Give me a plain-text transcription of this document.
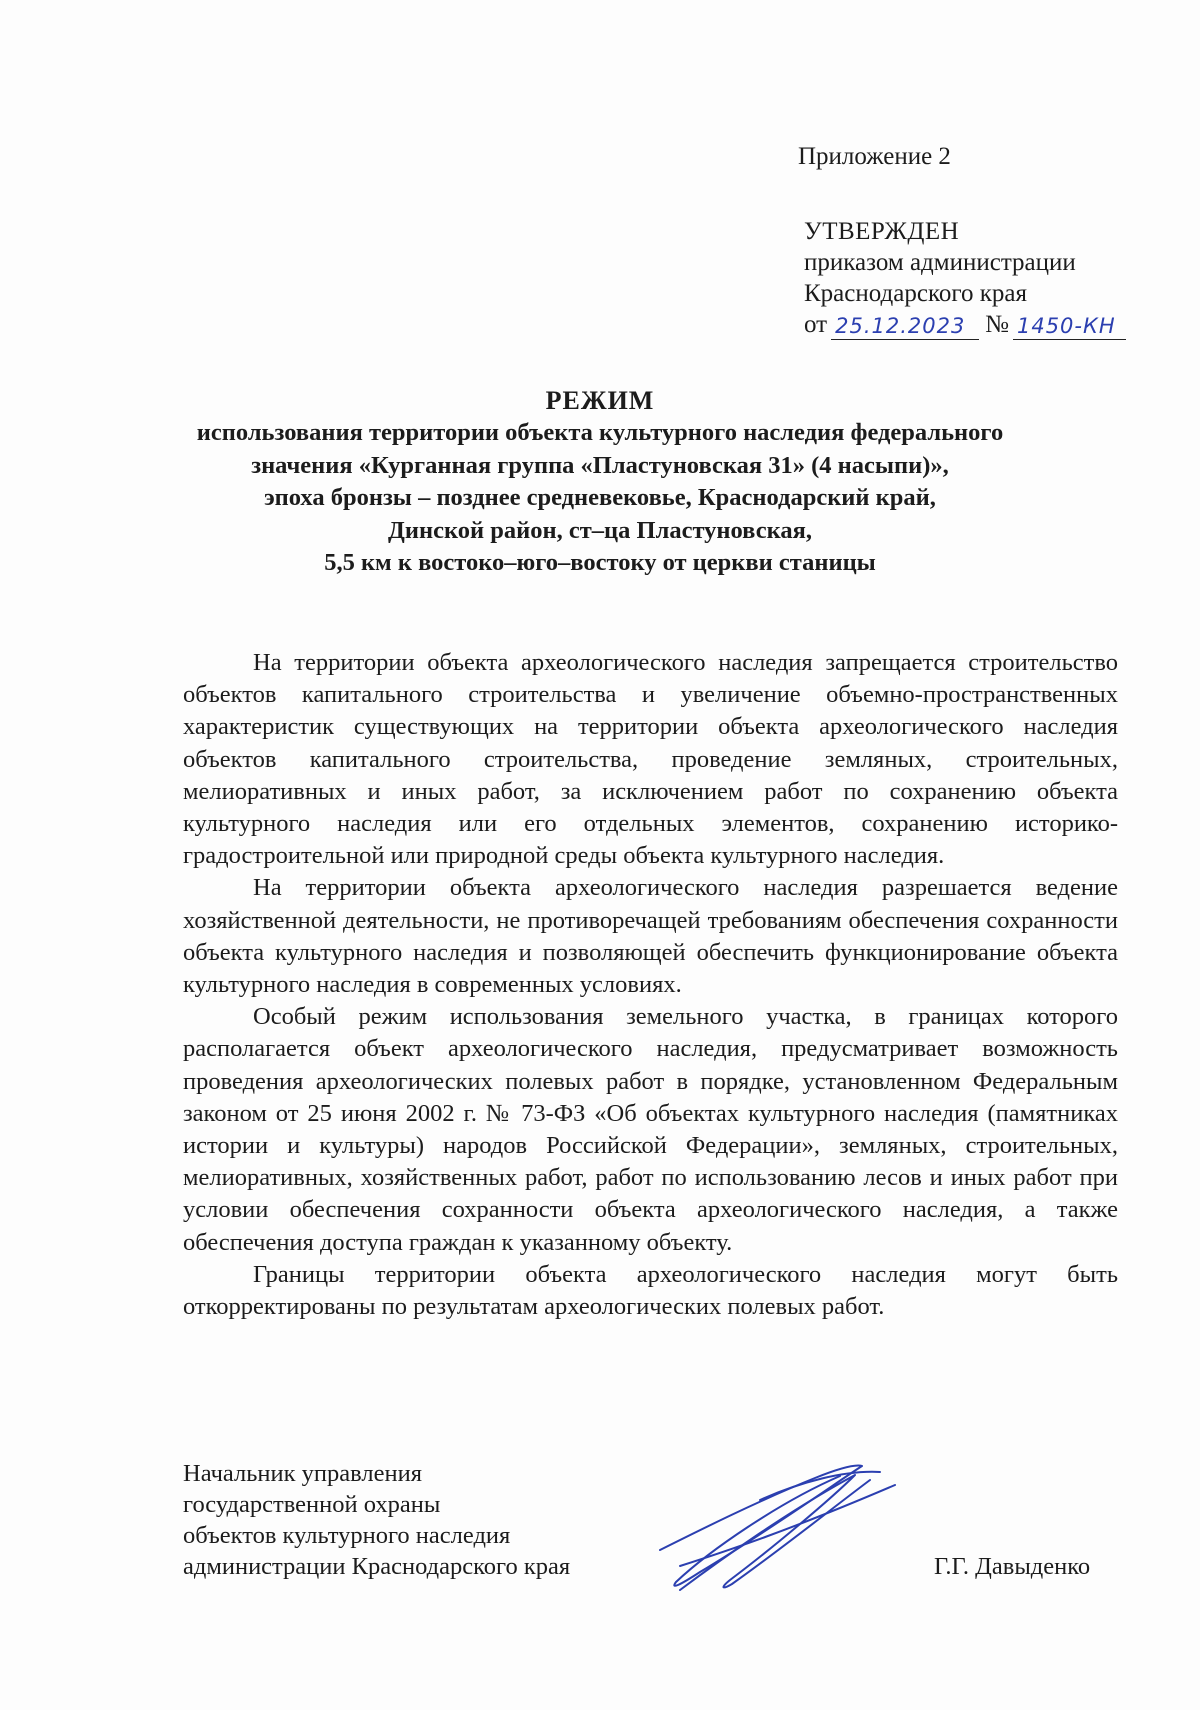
Приложение 2
УТВЕРЖДЕН
приказом администрации
Краснодарского края
от 25.12.2023 № 1450-КН
РЕЖИМ
использования территории объекта культурного наследия федерального
значения «Курганная группа «Пластуновская 31» (4 насыпи)»,
эпоха бронзы – позднее средневековье, Краснодарский край,
Динской район, ст–ца Пластуновская,
5,5 км к востоко–юго–востоку от церкви станицы

На территории объекта археологического наследия запрещается строительство объектов капитального строительства и увеличение объемно-пространственных характеристик существующих на территории объекта археологического наследия объектов капитального строительства, проведение земляных, строительных, мелиоративных и иных работ, за исключением работ по сохранению объекта культурного наследия или его отдельных элементов, сохранению историко-градостроительной или природной среды объекта культурного наследия.

На территории объекта археологического наследия разрешается ведение хозяйственной деятельности, не противоречащей требованиям обеспечения сохранности объекта культурного наследия и позволяющей обеспечить функционирование объекта культурного наследия в современных условиях.

Особый режим использования земельного участка, в границах которого располагается объект археологического наследия, предусматривает возможность проведения археологических полевых работ в порядке, установленном Федеральным законом от 25 июня 2002 г. № 73-ФЗ «Об объектах культурного наследия (памятниках истории и культуры) народов Российской Федерации», земляных, строительных, мелиоративных, хозяйственных работ, работ по использованию лесов и иных работ при условии обеспечения сохранности объекта археологического наследия, а также обеспечения доступа граждан к указанному объекту.

Границы территории объекта археологического наследия могут быть откорректированы по результатам археологических полевых работ.

Начальник управления
государственной охраны
объектов культурного наследия
администрации Краснодарского края	Г.Г. Давыденко
